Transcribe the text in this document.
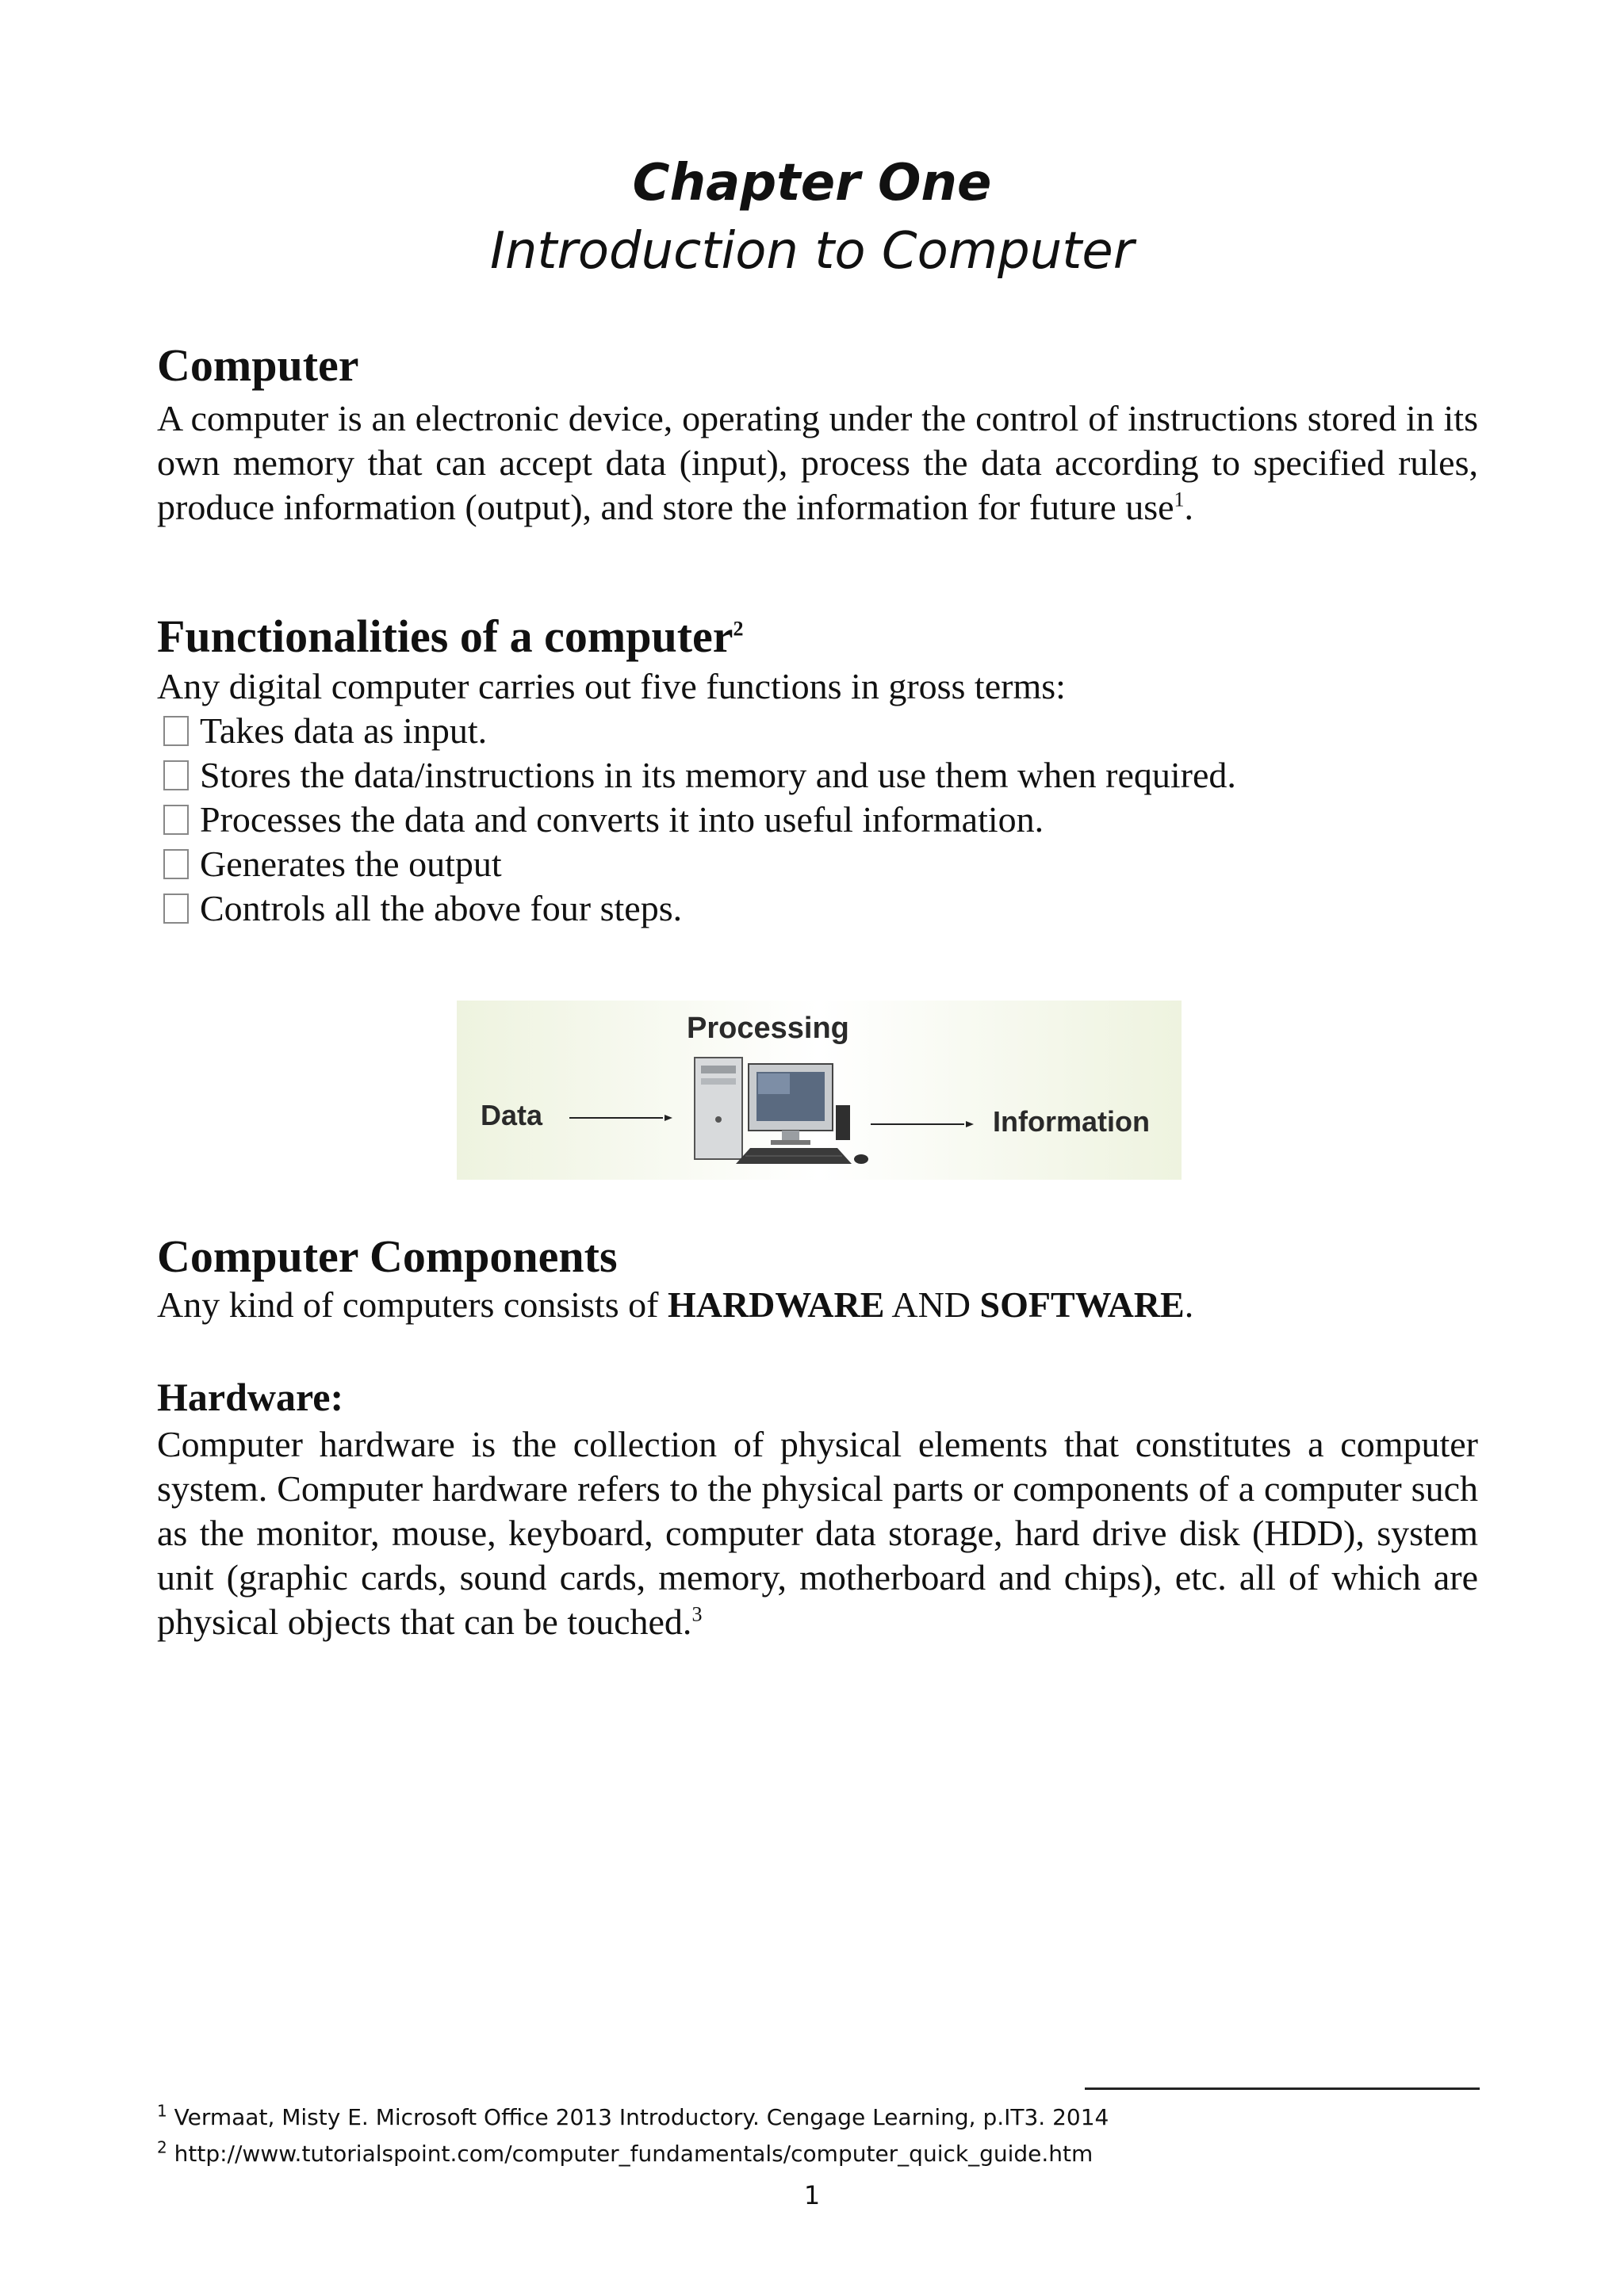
Chapter One
Introduction to Computer
Computer

A computer is an electronic device, operating under the control of instructions stored in its own memory that can accept data (input), process the data according to specified rules, produce information (output), and store the information for future use$^1$.

Functionalities of a computer$^2$

Any digital computer carries out five functions in gross terms:

Takes data as input.
Stores the data/instructions in its memory and use them when required.
Processes the data and converts it into useful information.
Generates the output
Controls all the above four steps.
Processing
Data	Information
Computer Components

Any kind of computers consists of HARDWARE AND SOFTWARE.

Hardware:

Computer hardware is the collection of physical elements that constitutes a computer system. Computer hardware refers to the physical parts or components of a computer such as the monitor, mouse, keyboard, computer data storage, hard drive disk (HDD), system unit (graphic cards, sound cards, memory, motherboard and chips), etc. all of which are physical objects that can be touched.$^3$

$^1$ Vermaat, Misty E. Microsoft Office 2013 Introductory. Cengage Learning, p.IT3. 2014
$^2$ http://www.tutorialspoint.com/computer_fundamentals/computer_quick_guide.htm
1
